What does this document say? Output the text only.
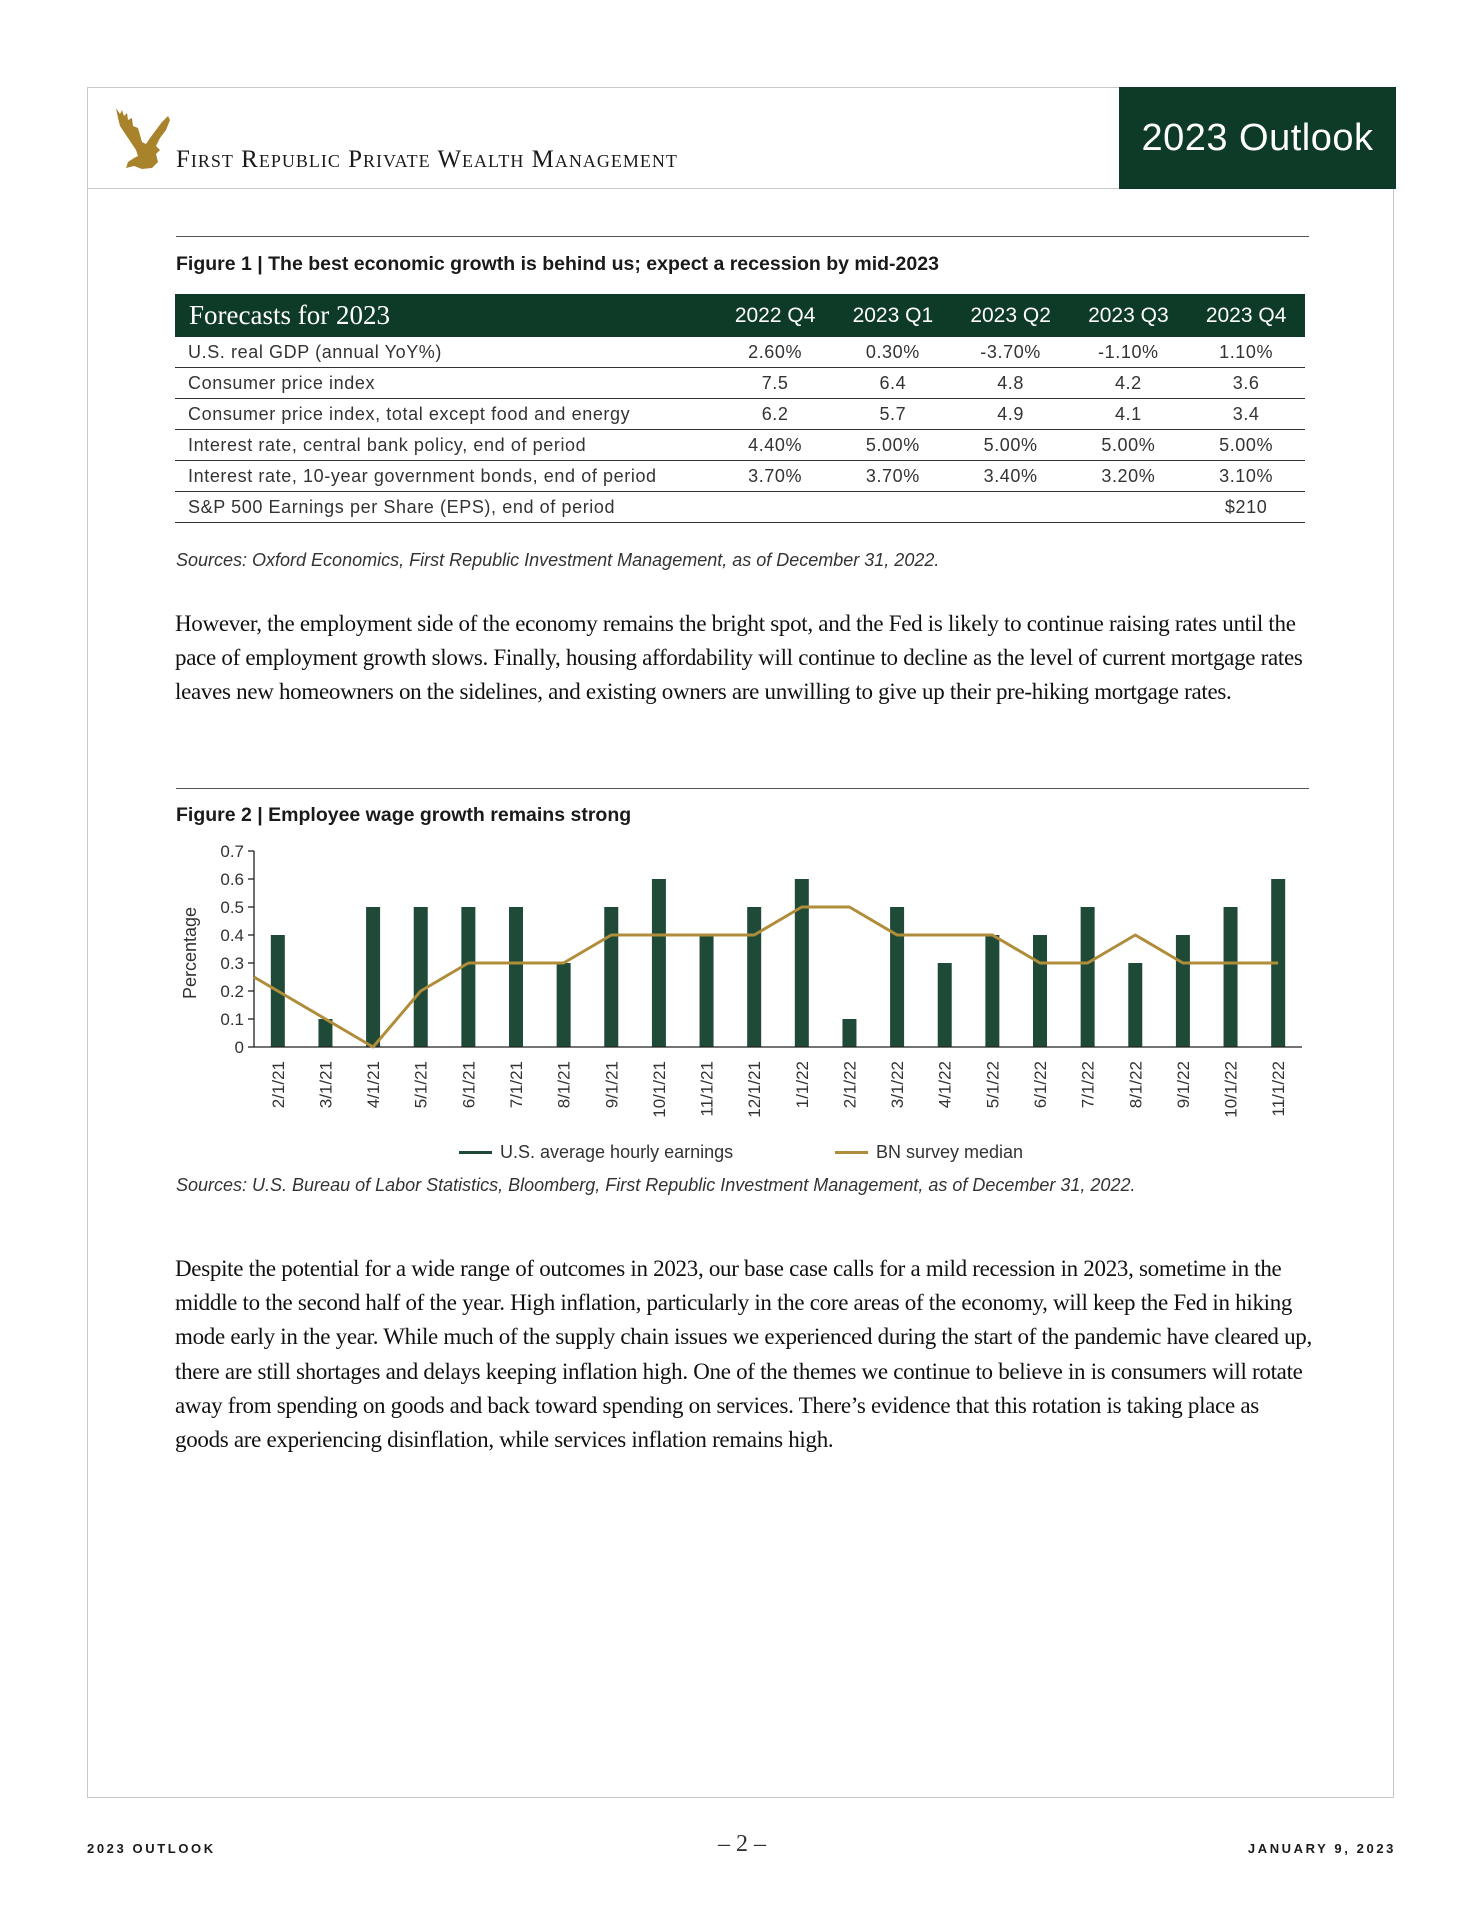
First Republic Private Wealth Management
2023 Outlook
Figure 1 | The best economic growth is behind us; expect a recession by mid-2023
Forecasts for 2023	2022 Q4	2023 Q1	2023 Q2	2023 Q3	2023 Q4
U.S. real GDP (annual YoY%)	2.60%	0.30%	-3.70%	-1.10%	1.10%
Consumer price index	7.5	6.4	4.8	4.2	3.6
Consumer price index, total except food and energy	6.2	5.7	4.9	4.1	3.4
Interest rate, central bank policy, end of period	4.40%	5.00%	5.00%	5.00%	5.00%
Interest rate, 10-year government bonds, end of period	3.70%	3.70%	3.40%	3.20%	3.10%
S&P 500 Earnings per Share (EPS), end of period					$210
Sources: Oxford Economics, First Republic Investment Management, as of December 31, 2022.
However, the employment side of the economy remains the bright spot, and the Fed is likely to continue raising rates until the pace of employment growth slows. Finally, housing affordability will continue to decline as the level of current mortgage rates leaves new homeowners on the sidelines, and existing owners are unwilling to give up their pre-hiking mortgage rates.
Figure 2 | Employee wage growth remains strong
0
0.1
0.2
0.3
0.4
0.5
0.6
0.7
Percentage
2/1/21 3/1/21 4/1/21 5/1/21 6/1/21 7/1/21 8/1/21 9/1/21 10/1/21 11/1/21 12/1/21 1/1/22 2/1/22 3/1/22 4/1/22 5/1/22 6/1/22 7/1/22 8/1/22 9/1/22 10/1/22 11/1/22
U.S. average hourly earnings	BN survey median
Sources: U.S. Bureau of Labor Statistics, Bloomberg, First Republic Investment Management, as of December 31, 2022.
Despite the potential for a wide range of outcomes in 2023, our base case calls for a mild recession in 2023, sometime in the middle to the second half of the year. High inflation, particularly in the core areas of the economy, will keep the Fed in hiking mode early in the year. While much of the supply chain issues we experienced during the start of the pandemic have cleared up, there are still shortages and delays keeping inflation high. One of the themes we continue to believe in is consumers will rotate away from spending on goods and back toward spending on services. There’s evidence that this rotation is taking place as goods are experiencing disinflation, while services inflation remains high.
2023 OUTLOOK	– 2 –	JANUARY 9, 2023
